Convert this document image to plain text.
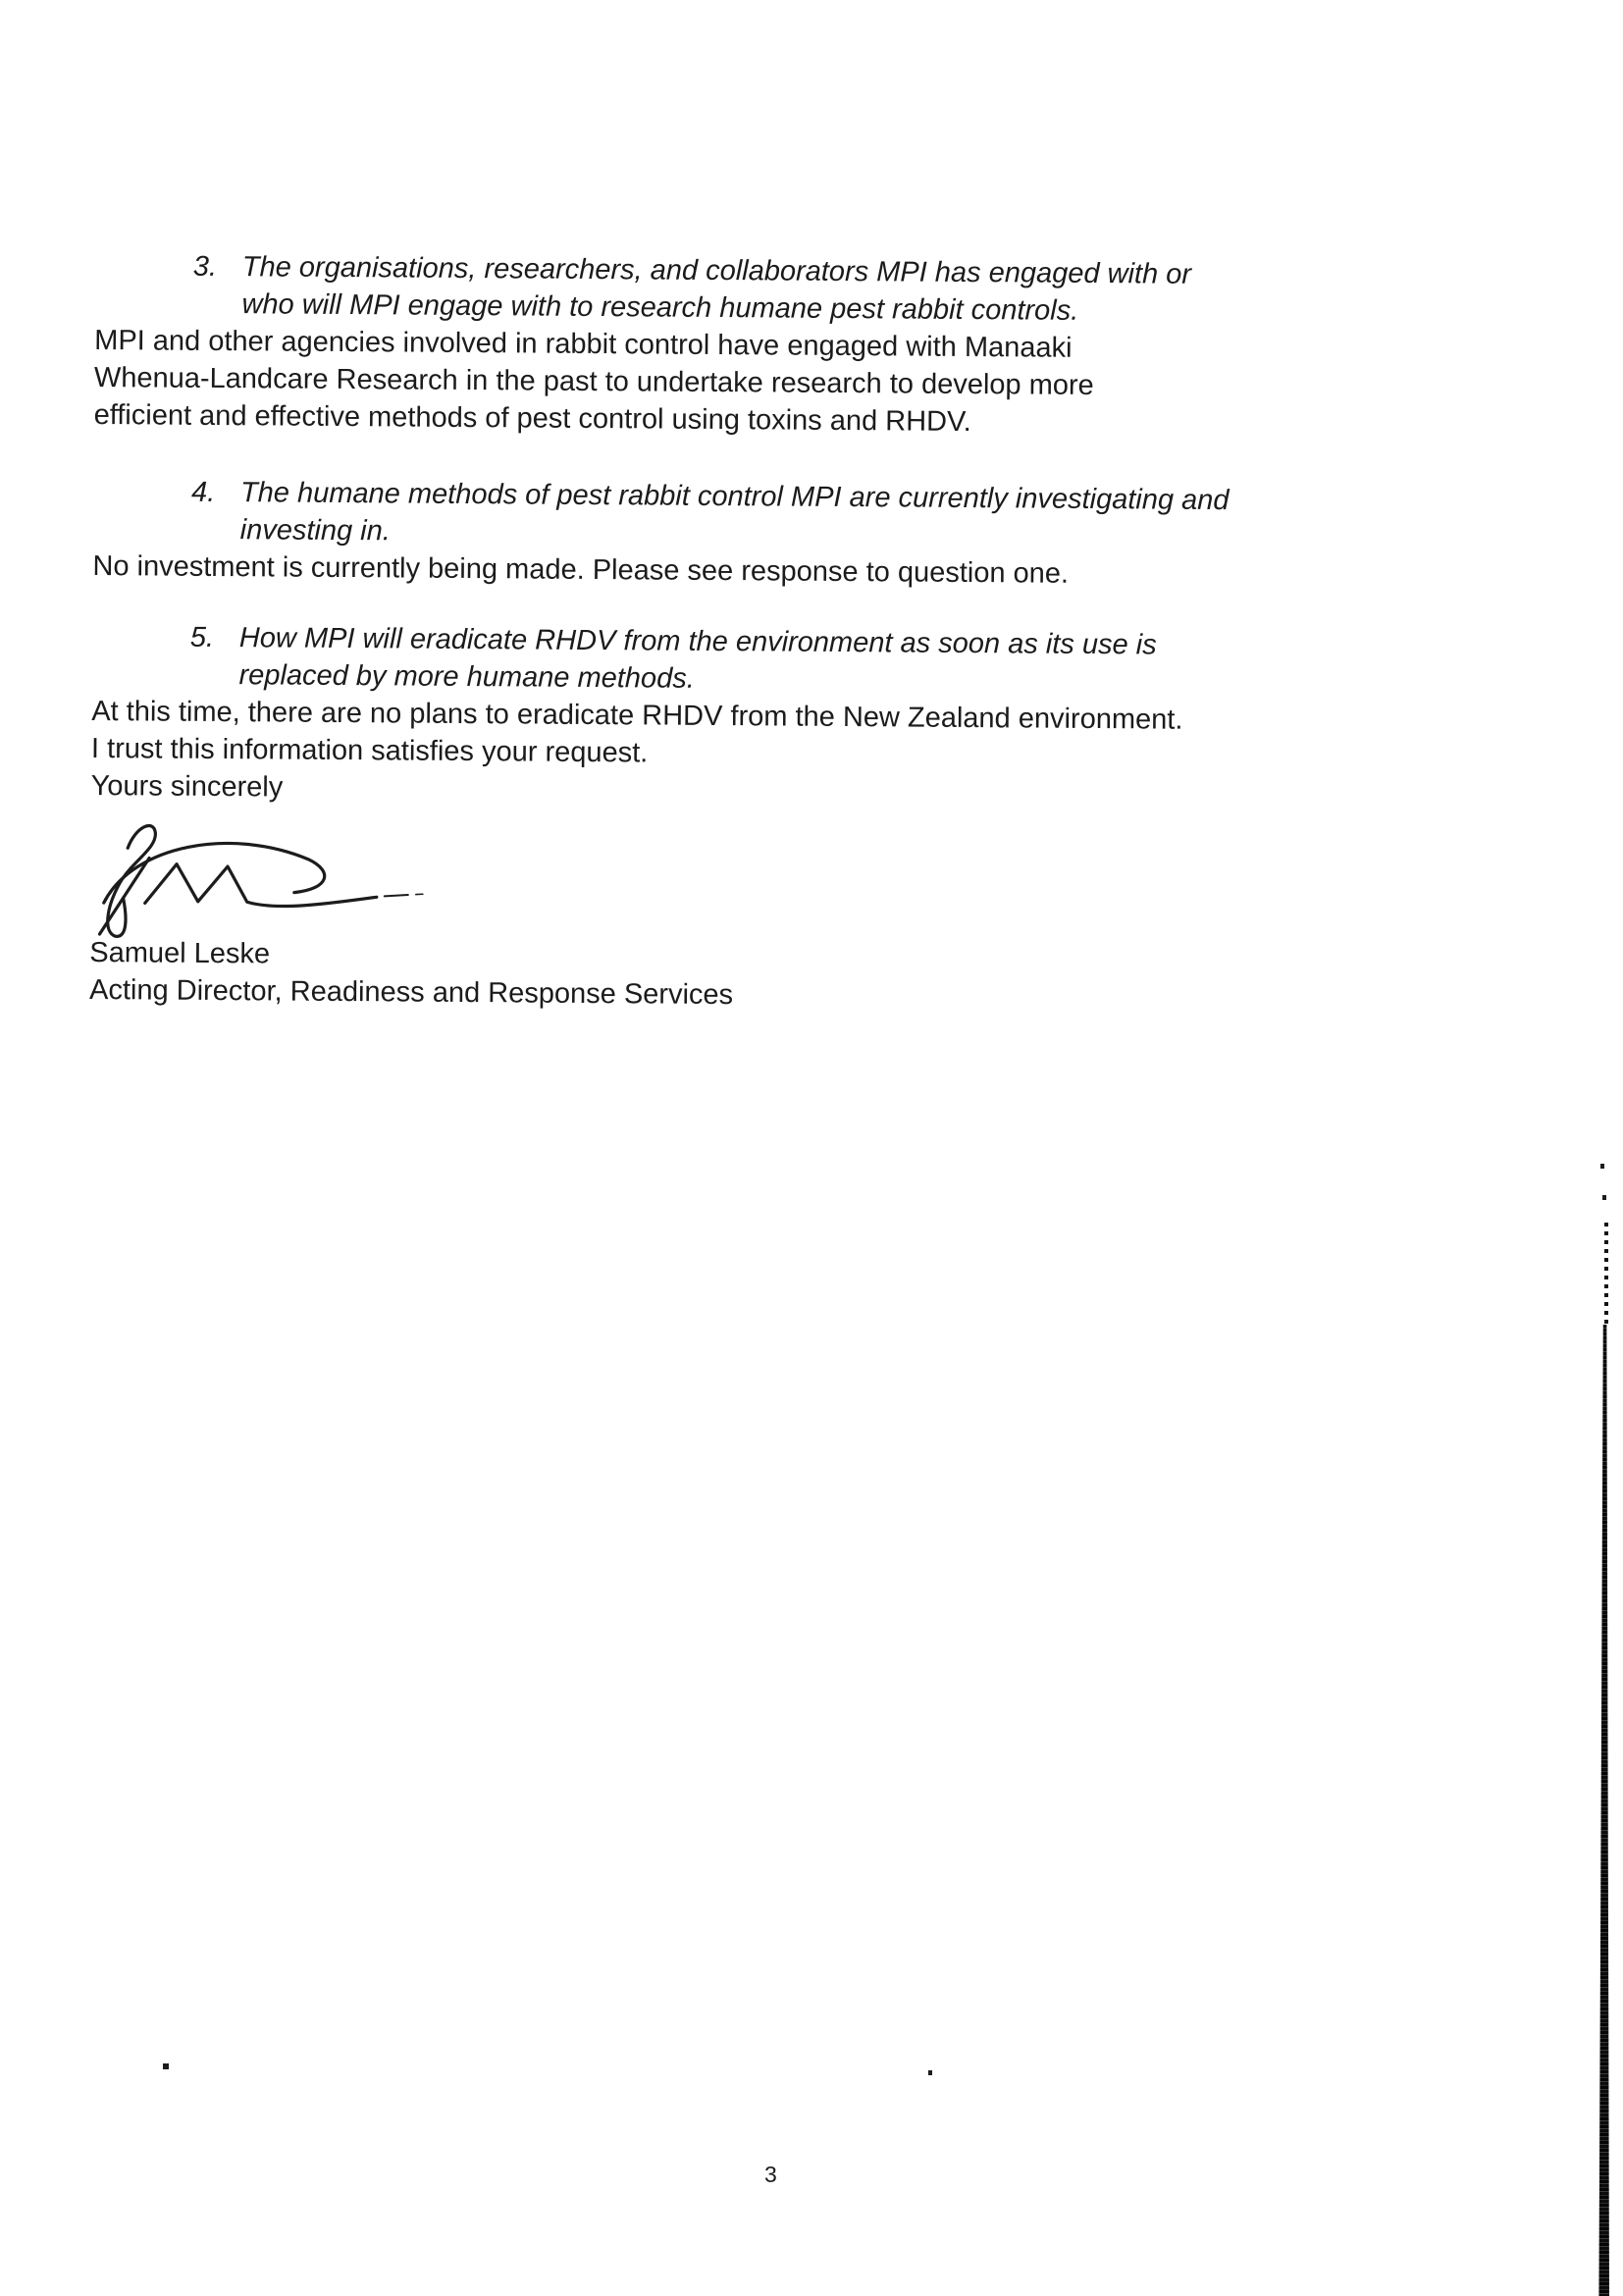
3. The organisations, researchers, and collaborators MPI has engaged with or
who will MPI engage with to research humane pest rabbit controls.

MPI and other agencies involved in rabbit control have engaged with Manaaki
Whenua-Landcare Research in the past to undertake research to develop more
efficient and effective methods of pest control using toxins and RHDV.

4. The humane methods of pest rabbit control MPI are currently investigating and
investing in.

No investment is currently being made. Please see response to question one.

5. How MPI will eradicate RHDV from the environment as soon as its use is
replaced by more humane methods.

At this time, there are no plans to eradicate RHDV from the New Zealand environment.

I trust this information satisfies your request.

Yours sincerely

Samuel Leske

Acting Director, Readiness and Response Services

3
